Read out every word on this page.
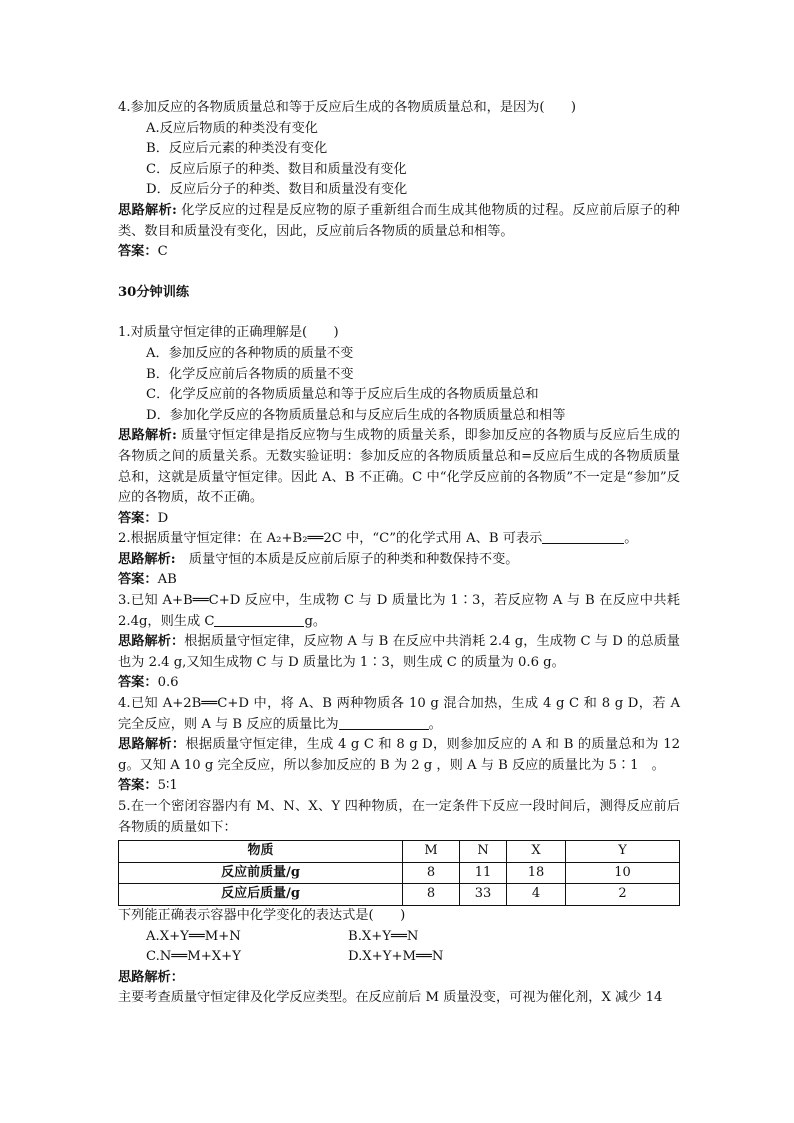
4.参加反应的各物质质量总和等于反应后生成的各物质质量总和，是因为(　　)
A.反应后物质的种类没有变化
B．反应后元素的种类没有变化
C．反应后原子的种类、数目和质量没有变化
D．反应后分子的种类、数目和质量没有变化
思路解析: 化学反应的过程是反应物的原子重新组合而生成其他物质的过程。反应前后原子的种类、数目和质量没有变化，因此，反应前后各物质的质量总和相等。
答案：C
30分钟训练
1.对质量守恒定律的正确理解是(　　)
A．参加反应的各种物质的质量不变
B．化学反应前后各物质的质量不变
C．化学反应前的各物质质量总和等于反应后生成的各物质质量总和
D．参加化学反应的各物质质量总和与反应后生成的各物质质量总和相等
思路解析: 质量守恒定律是指反应物与生成物的质量关系，即参加反应的各物质与反应后生成的各物质之间的质量关系。无数实验证明：参加反应的各物质质量总和=反应后生成的各物质质量总和，这就是质量守恒定律。因此 A、B 不正确。C 中“化学反应前的各物质”不一定是“参加”反应的各物质，故不正确。
答案：D
2.根据质量守恒定律：在 A₂+B₂══2C 中，“C”的化学式用 A、B 可表示	。
思路解析:　质量守恒的本质是反应前后原子的种类和种数保持不变。
答案：AB
3.已知 A+B══C+D 反应中，生成物 C 与 D 质量比为 1∶3，若反应物 A 与 B 在反应中共耗 2.4g，则生成 C	g。
思路解析：根据质量守恒定律，反应物 A 与 B 在反应中共消耗 2.4 g，生成物 C 与 D 的总质量也为 2.4 g,又知生成物 C 与 D 质量比为 1∶3，则生成 C 的质量为 0.6 g。
答案：0.6
4.已知 A+2B══C+D 中，将 A、B 两种物质各 10 g 混合加热，生成 4 g C 和 8 g D，若 A 完全反应，则 A 与 B 反应的质量比为	。
思路解析：根据质量守恒定律，生成 4 g C 和 8 g D，则参加反应的 A 和 B 的质量总和为 12 g。又知 A 10 g 完全反应，所以参加反应的 B 为 2 g ，则 A 与 B 反应的质量比为 5∶1　。
答案：5∶1
5.在一个密闭容器内有 M、N、X、Y 四种物质，在一定条件下反应一段时间后，测得反应前后各物质的质量如下：
物质	M	N	X	Y
反应前质量/g	8	11	18	10
反应后质量/g	8	33	4	2
下列能正确表示容器中化学变化的表达式是(　　)
A.X+Y══M+N	B.X+Y══N
C.N══M+X+Y	D.X+Y+M══N
思路解析：
主要考查质量守恒定律及化学反应类型。在反应前后 M 质量没变，可视为催化剂，X 减少 14
